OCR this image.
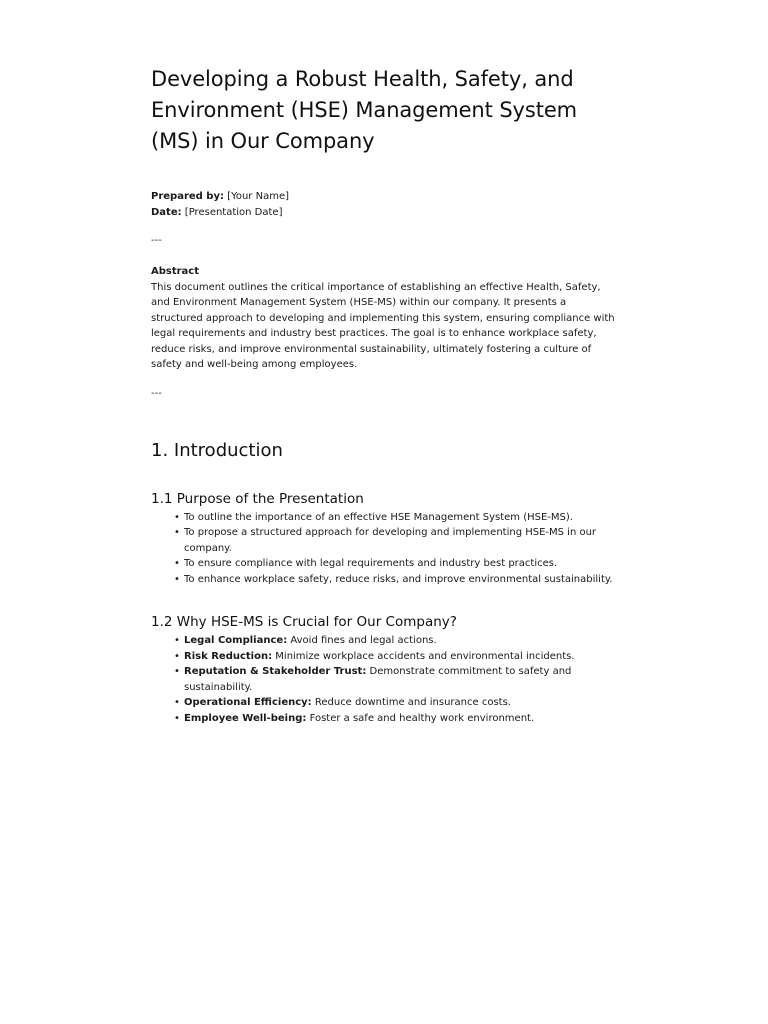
Developing a Robust Health, Safety, and Environment (HSE) Management System (MS) in Our Company
Prepared by: [Your Name]
Date: [Presentation Date]
---
Abstract

This document outlines the critical importance of establishing an effective Health, Safety, and Environment Management System (HSE-MS) within our company. It presents a structured approach to developing and implementing this system, ensuring compliance with legal requirements and industry best practices. The goal is to enhance workplace safety, reduce risks, and improve environmental sustainability, ultimately fostering a culture of safety and well-being among employees.

---
1. Introduction
1.1 Purpose of the Presentation
• To outline the importance of an effective HSE Management System (HSE-MS).
• To propose a structured approach for developing and implementing HSE-MS in our company.
• To ensure compliance with legal requirements and industry best practices.
• To enhance workplace safety, reduce risks, and improve environmental sustainability.
1.2 Why HSE-MS is Crucial for Our Company?
• Legal Compliance: Avoid fines and legal actions.
• Risk Reduction: Minimize workplace accidents and environmental incidents.
• Reputation & Stakeholder Trust: Demonstrate commitment to safety and sustainability.
• Operational Efficiency: Reduce downtime and insurance costs.
• Employee Well-being: Foster a safe and healthy work environment.
